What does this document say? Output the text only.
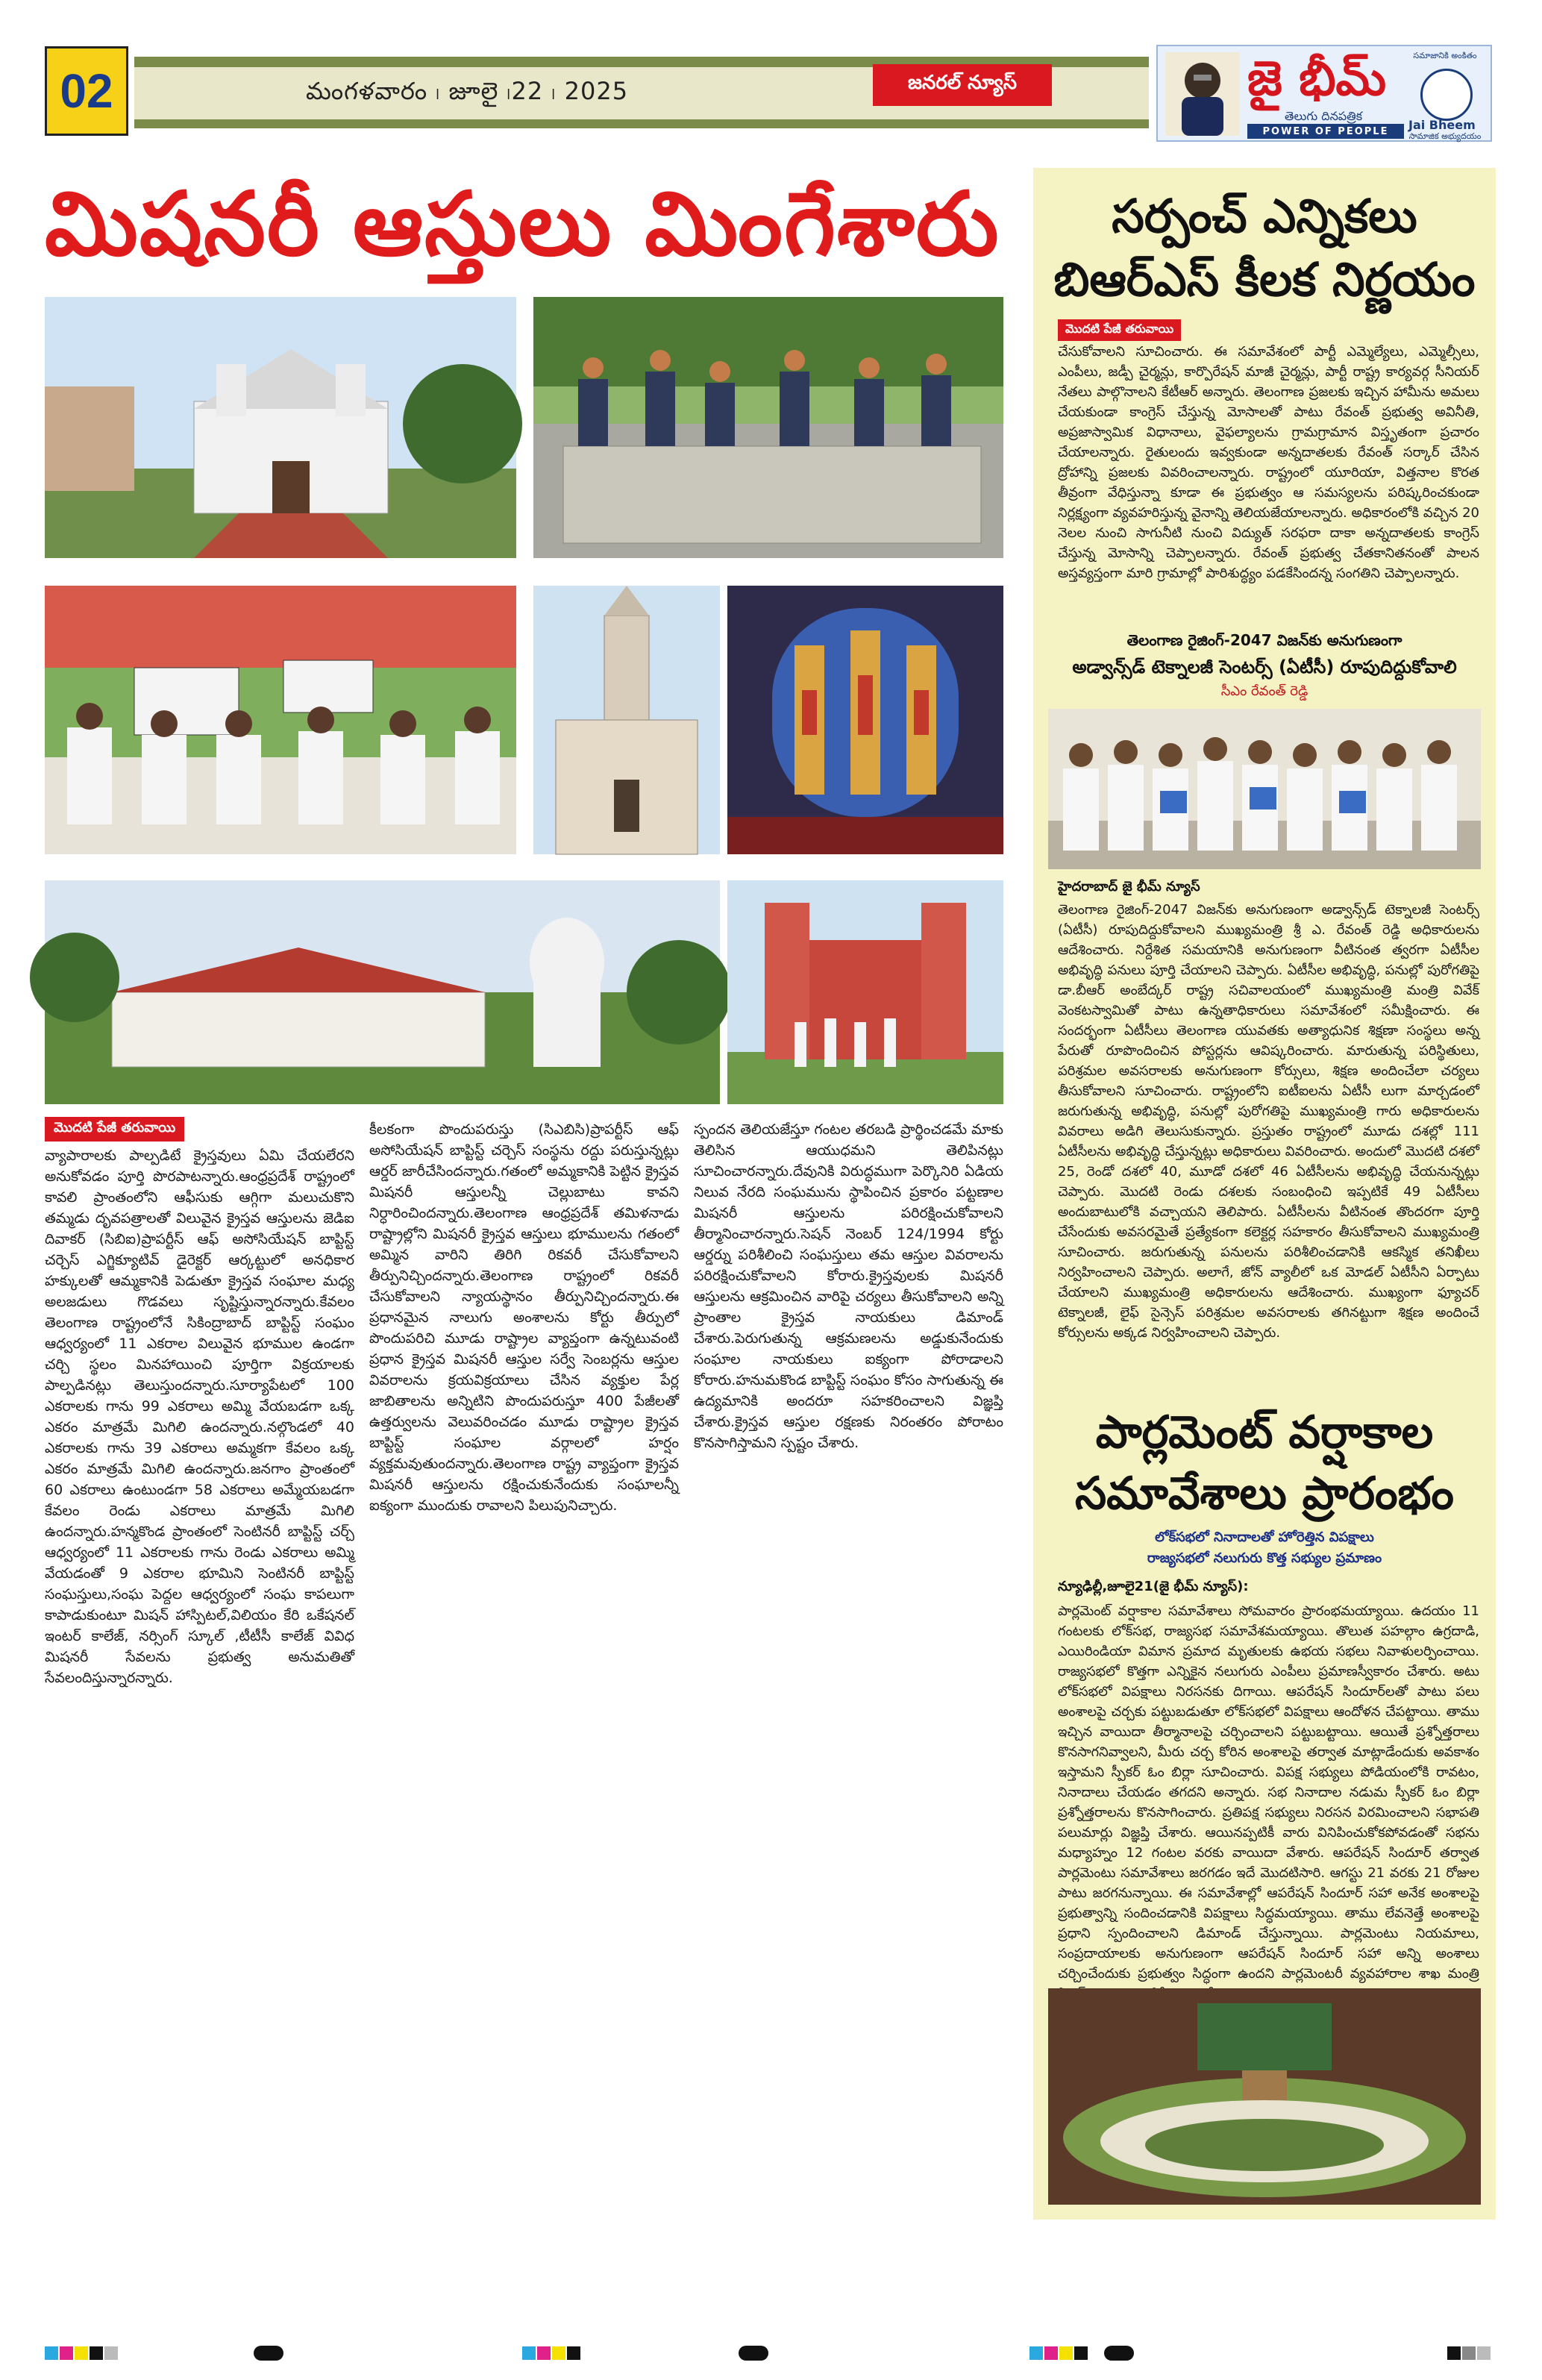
02	మంగళవారం ၊ జూలై ၊22 ၊ 2025	జనరల్ న్యూస్	జై భీమ్
తెలుగు దినపత్రిక
POWER OF PEOPLE
సమాజానికి అంకితం
Jai Bheem
సామాజిక అభ్యుదయం
మిషనరీ ఆస్తులు మింగేశారు
మొదటి పేజీ తరువాయి
వ్యాపారాలకు పాల్పడిటే క్రైస్తవులు ఏమి చేయలేరని అనుకోవడం పూర్తి పొరపాటన్నారు.ఆంధ్రప్రదేశ్ రాష్ట్రంలో కావలి ప్రాంతంలోని ఆఫీసుకు ఆగ్గిగా మలుచుకొని తమ్మడు దృవపత్రాలతో విలువైన క్రైస్తవ ఆస్తులను జెడిఐ దివాకర్ (సిబిఐ)ప్రాపర్టీస్ ఆఫ్ అసోసియేషన్ బాప్టిస్ట్ చర్చెస్ ఎగ్జిక్యూటివ్ డైరెక్టర్ ఆర్కట్టులో అనధికార హక్కులతో ఆమ్మకానికి పెడుతూ క్రైస్తవ సంఘాల మధ్య అలజడులు గొడవలు సృష్టిస్తున్నారన్నారు.కేవలం తెలంగాణ రాష్ట్రంలోనే సికింద్రాబాద్ బాప్టిస్ట్ సంఘం ఆధ్వర్యంలో 11 ఎకరాల విలువైన భూముల ఉండగా చర్చి స్థలం మినహాయించి పూర్తిగా విక్రయాలకు పాల్పడినట్లు తెలుస్తుందన్నారు.సూర్యాపేటలో 100 ఎకరాలకు గాను 99 ఎకరాలు అమ్మి వేయబడగా ఒక్క ఎకరం మాత్రమే మిగిలి ఉందన్నారు.నల్గొండలో 40 ఎకరాలకు గాను 39 ఎకరాలు అమ్మకగా కేవలం ఒక్క ఎకరం మాత్రమే మిగిలి ఉందన్నారు.జనగాం ప్రాంతంలో 60 ఎకరాలు ఉంటుండగా 58 ఎకరాలు అమ్మేయబడగా కేవలం రెండు ఎకరాలు మాత్రమే మిగిలి ఉందన్నారు.హన్మకొండ ప్రాంతంలో సెంటినరీ బాప్టిస్ట్ చర్చ్ ఆధ్వర్యంలో 11 ఎకరాలకు గాను రెండు ఎకరాలు అమ్మి వేయడంతో 9 ఎకరాల భూమిని సెంటినరీ బాప్టిస్ట్ సంఘస్తులు,సంఘ పెద్దల ఆధ్వర్యంలో సంఘ కాపలుగా కాపాడుకుంటూ మిషన్ హాస్పిటల్,విలియం కేరి ఒకేషనల్ ఇంటర్ కాలేజ్, నర్సింగ్ స్కూల్ ,టీటీసీ కాలేజ్ వివిధ మిషనరీ సేవలను ప్రభుత్వ అనుమతితో సేవలందిస్తున్నారన్నారు.
కీలకంగా పొందుపరుస్తు (సిఎబిసి)ప్రాపర్టీస్ ఆఫ్ అసోసియేషన్ బాప్టిస్ట్ చర్చెస్ సంస్థను రద్దు పరుస్తున్నట్లు ఆర్డర్ జారీచేసిందన్నారు.గతంలో అమ్మకానికి పెట్టిన క్రైస్తవ మిషనరీ ఆస్తులన్నీ చెల్లుబాటు కావని నిర్ధారించిందన్నారు.తెలంగాణ ఆంధ్రప్రదేశ్ తమిళనాడు రాష్ట్రాల్లోని మిషనరీ క్రైస్తవ ఆస్తులు భూములను గతంలో అమ్మిన వారిని తిరిగి రికవరీ చేసుకోవాలని తీర్పునిచ్చిందన్నారు.తెలంగాణ రాష్ట్రంలో రికవరీ చేసుకోవాలని న్యాయస్థానం తీర్పునిచ్చిందన్నారు.ఈ ప్రధానమైన నాలుగు అంశాలను కోర్టు తీర్పులో పొందుపరిచి మూడు రాష్ట్రాల వ్యాప్తంగా ఉన్నటువంటి ప్రధాన క్రైస్తవ మిషనరీ ఆస్తుల సర్వే సెంబర్లను ఆస్తుల వివరాలను క్రయవిక్రయాలు చేసిన వ్యక్తుల పేర్ల జాబితాలను అన్నిటిని పొందుపరుస్తూ 400 పేజీలతో ఉత్తర్వులను వెలువరించడం మూడు రాష్ట్రాల క్రైస్తవ బాప్టిస్ట్ సంఘాల వర్గాలలో హర్షం వ్యక్తమవుతుందన్నారు.తెలంగాణ రాష్ట్ర వ్యాప్తంగా క్రైస్తవ మిషనరీ ఆస్తులను రక్షించుకునేందుకు సంఘాలన్నీ ఐక్యంగా ముందుకు రావాలని పిలుపునిచ్చారు.
స్పందన తెలియజేస్తూ గంటల తరబడి ప్రార్థించడమే మాకు తెలిసిన ఆయుధమని తెలిపినట్లు సూచించారన్నారు.దేవునికి విరుద్ధముగా పెర్కొనిరి ఏడియ నిలువ నేరది సంఘమును స్థాపించిన ప్రకారం పట్టణాల మిషనరీ ఆస్తులను పరిరక్షించుకోవాలని తీర్మానించారన్నారు.సెషన్ నెంబర్ 124/1994 కోర్టు ఆర్డర్ను పరిశీలించి సంఘస్తులు తమ ఆస్తుల వివరాలను పరిరక్షించుకోవాలని కోరారు.క్రైస్తవులకు మిషనరీ ఆస్తులను ఆక్రమించిన వారిపై చర్యలు తీసుకోవాలని అన్ని ప్రాంతాల క్రైస్తవ నాయకులు డిమాండ్ చేశారు.పెరుగుతున్న ఆక్రమణలను అడ్డుకునేందుకు సంఘాల నాయకులు ఐక్యంగా పోరాడాలని కోరారు.హనుమకొండ బాప్టిస్ట్ సంఘం కోసం సాగుతున్న ఈ ఉద్యమానికి అందరూ సహకరించాలని విజ్ఞప్తి చేశారు.క్రైస్తవ ఆస్తుల రక్షణకు నిరంతరం పోరాటం కొనసాగిస్తామని స్పష్టం చేశారు.
సర్పంచ్ ఎన్నికలు
బిఆర్ఎస్ కీలక నిర్ణయం
మొదటి పేజీ తరువాయి
చేసుకోవాలని సూచించారు. ఈ సమావేశంలో పార్టీ ఎమ్మెల్యేలు, ఎమ్మెల్సీలు, ఎంపీలు, జడ్పీ చైర్మన్లు, కార్పొరేషన్ మాజీ చైర్మన్లు, పార్టీ రాష్ట్ర కార్యవర్గ సీనియర్ నేతలు పాల్గొనాలని కేటీఆర్ అన్నారు. తెలంగాణ ప్రజలకు ఇచ్చిన హామీను అమలు చేయకుండా కాంగ్రెస్ చేస్తున్న మోసాలతో పాటు రేవంత్ ప్రభుత్వ అవినీతి, అప్రజాస్వామిక విధానాలు, వైఫల్యాలను గ్రామగ్రామాన విస్తృతంగా ప్రచారం చేయాలన్నారు. రైతులందు ఇవ్వకుండా అన్నదాతలకు రేవంత్ సర్కార్ చేసిన ద్రోహాన్ని ప్రజలకు వివరించాలన్నారు. రాష్ట్రంలో యూరియా, విత్తనాల కొరత తీవ్రంగా వేధిస్తున్నా కూడా ఈ ప్రభుత్వం ఆ సమస్యలను పరిష్కరించకుండా నిర్లక్ష్యంగా వ్యవహరిస్తున్న వైనాన్ని తెలియజేయాలన్నారు. అధికారంలోకి వచ్చిన 20 నెలల నుంచి సాగునీటి నుంచి విద్యుత్ సరఫరా దాకా అన్నదాతలకు కాంగ్రెస్ చేస్తున్న మోసాన్ని చెప్పాలన్నారు. రేవంత్ ప్రభుత్వ చేతకానితనంతో పాలన అస్తవ్యస్తంగా మారి గ్రామాల్లో పారిశుద్ధ్యం పడకేసిందన్న సంగతిని చెప్పాలన్నారు.
తెలంగాణ రైజింగ్-2047 విజన్‌కు అనుగుణంగా
అడ్వాన్స్‌డ్ టెక్నాలజీ సెంటర్స్ (ఏటీసీ) రూపుదిద్దుకోవాలి
సీఎం రేవంత్ రెడ్డి
హైదరాబాద్ జై భీమ్ న్యూస్
తెలంగాణ రైజింగ్-2047 విజన్‌కు అనుగుణంగా అడ్వాన్స్‌డ్ టెక్నాలజీ సెంటర్స్ (ఏటీసీ) రూపుదిద్దుకోవాలని ముఖ్యమంత్రి శ్రీ ఎ. రేవంత్ రెడ్డి అధికారులను ఆదేశించారు. నిర్దేశిత సమయానికి అనుగుణంగా వీటినంత త్వరగా ఏటీసీల అభివృద్ధి పనులు పూర్తి చేయాలని చెప్పారు. ఏటీసీల అభివృద్ధి, పనుల్లో పురోగతిపై డా.బీఆర్ అంబేద్కర్ రాష్ట్ర సచివాలయంలో ముఖ్యమంత్రి మంత్రి వివేక్ వెంకటస్వామితో పాటు ఉన్నతాధికారులు సమావేశంలో సమీక్షించారు. ఈ సందర్భంగా ఏటీసీలు తెలంగాణ యువతకు అత్యాధునిక శిక్షణా సంస్థలు అన్న పేరుతో రూపొందించిన పోస్టర్లను ఆవిష్కరించారు. మారుతున్న పరిస్థితులు, పరిశ్రమల అవసరాలకు అనుగుణంగా కోర్సులు, శిక్షణ అందించేలా చర్యలు తీసుకోవాలని సూచించారు. రాష్ట్రంలోని ఐటీఐలను ఏటీసీ లుగా మార్చడంలో జరుగుతున్న అభివృద్ధి, పనుల్లో పురోగతిపై ముఖ్యమంత్రి గారు అధికారులను వివరాలు అడిగి తెలుసుకున్నారు. ప్రస్తుతం రాష్ట్రంలో మూడు దశల్లో 111 ఏటీసీలను అభివృద్ధి చేస్తున్నట్లు అధికారులు వివరించారు. అందులో మొదటి దశలో 25, రెండో దశలో 40, మూడో దశలో 46 ఏటీసీలను అభివృద్ధి చేయనున్నట్లు చెప్పారు. మొదటి రెండు దశలకు సంబంధించి ఇప్పటికే 49 ఏటీసీలు అందుబాటులోకి వచ్చాయని తెలిపారు. ఏటీసీలను వీటినంత తొందరగా పూర్తి చేసేందుకు అవసరమైతే ప్రత్యేకంగా కలెక్టర్ల సహకారం తీసుకోవాలని ముఖ్యమంత్రి సూచించారు. జరుగుతున్న పనులను పరిశీలించడానికి ఆకస్మిక తనిఖీలు నిర్వహించాలని చెప్పారు. అలాగే, జోన్ వ్యాలీలో ఒక మోడల్ ఏటీసీని ఏర్పాటు చేయాలని ముఖ్యమంత్రి అధికారులను ఆదేశించారు. ముఖ్యంగా ఫ్యూచర్ టెక్నాలజీ, లైఫ్ సైన్సెస్ పరిశ్రమల అవసరాలకు తగినట్టుగా శిక్షణ అందించే కోర్సులను అక్కడ నిర్వహించాలని చెప్పారు.
పార్లమెంట్ వర్షాకాల
సమావేశాలు ప్రారంభం
లోక్‌సభలో నినాదాలతో హోరెత్తిన విపక్షాలు
రాజ్యసభలో నలుగురు కొత్త సభ్యుల ప్రమాణం
న్యూఢిల్లీ,జూలై21(జై భీమ్ న్యూస్):
పార్లమెంట్ వర్షాకాల సమావేశాలు సోమవారం ప్రారంభమయ్యాయి. ఉదయం 11 గంటలకు లోక్‌సభ, రాజ్యసభ సమావేశమయ్యాయి. తొలుత పహల్గాం ఉగ్రదాడి, ఎయిరిండియా విమాన ప్రమాద మృతులకు ఉభయ సభలు నివాళులర్పించాయి. రాజ్యసభలో కొత్తగా ఎన్నికైన నలుగురు ఎంపీలు ప్రమాణస్వీకారం చేశారు. అటు లోక్‌సభలో విపక్షాలు నిరసనకు దిగాయి. ఆపరేషన్ సిందూర్‌లతో పాటు పలు అంశాలపై చర్చకు పట్టుబడుతూ లోక్‌సభలో విపక్షాలు ఆందోళన చేపట్టాయి. తాము ఇచ్చిన వాయిదా తీర్మానాలపై చర్చించాలని పట్టుబట్టాయి. ఆయితే ప్రశ్నోత్తరాలు కొనసాగనివ్వాలని, మీరు చర్చ కోరిన అంశాలపై తర్వాత మాట్లాడేందుకు అవకాశం ఇస్తామని స్పీకర్ ఓం బిర్లా సూచించారు. విపక్ష సభ్యులు పోడియంలోకి రావటం, నినాదాలు చేయడం తగదని అన్నారు. సభ నినాదాల నడుమ స్పీకర్ ఓం బిర్లా ప్రశ్నోత్తరాలను కొనసాగించారు. ప్రతిపక్ష సభ్యులు నిరసన విరమించాలని సభాపతి పలుమార్లు విజ్ఞప్తి చేశారు. ఆయినప్పటికీ వారు వినిపించుకోకపోవడంతో సభను మధ్యాహ్నం 12 గంటల వరకు వాయిదా వేశారు. ఆపరేషన్ సిందూర్ తర్వాత పార్లమెంటు సమావేశాలు జరగడం ఇదే మొదటిసారి. ఆగస్టు 21 వరకు 21 రోజుల పాటు జరగనున్నాయి. ఈ సమావేశాల్లో ఆపరేషన్ సిందూర్ సహా అనేక అంశాలపై ప్రభుత్వాన్ని సందించడానికి విపక్షాలు సిద్ధమయ్యాయి. తాము లేవనెత్తే అంశాలపై ప్రధాని స్పందించాలని డిమాండ్ చేస్తున్నాయి. పార్లమెంటు నియమాలు, సంప్రదాయాలకు అనుగుణంగా ఆపరేషన్ సిందూర్ సహా అన్ని అంశాలు చర్చించేందుకు ప్రభుత్వం సిద్ధంగా ఉందని పార్లమెంటరీ వ్యవహారాల శాఖ మంత్రి
